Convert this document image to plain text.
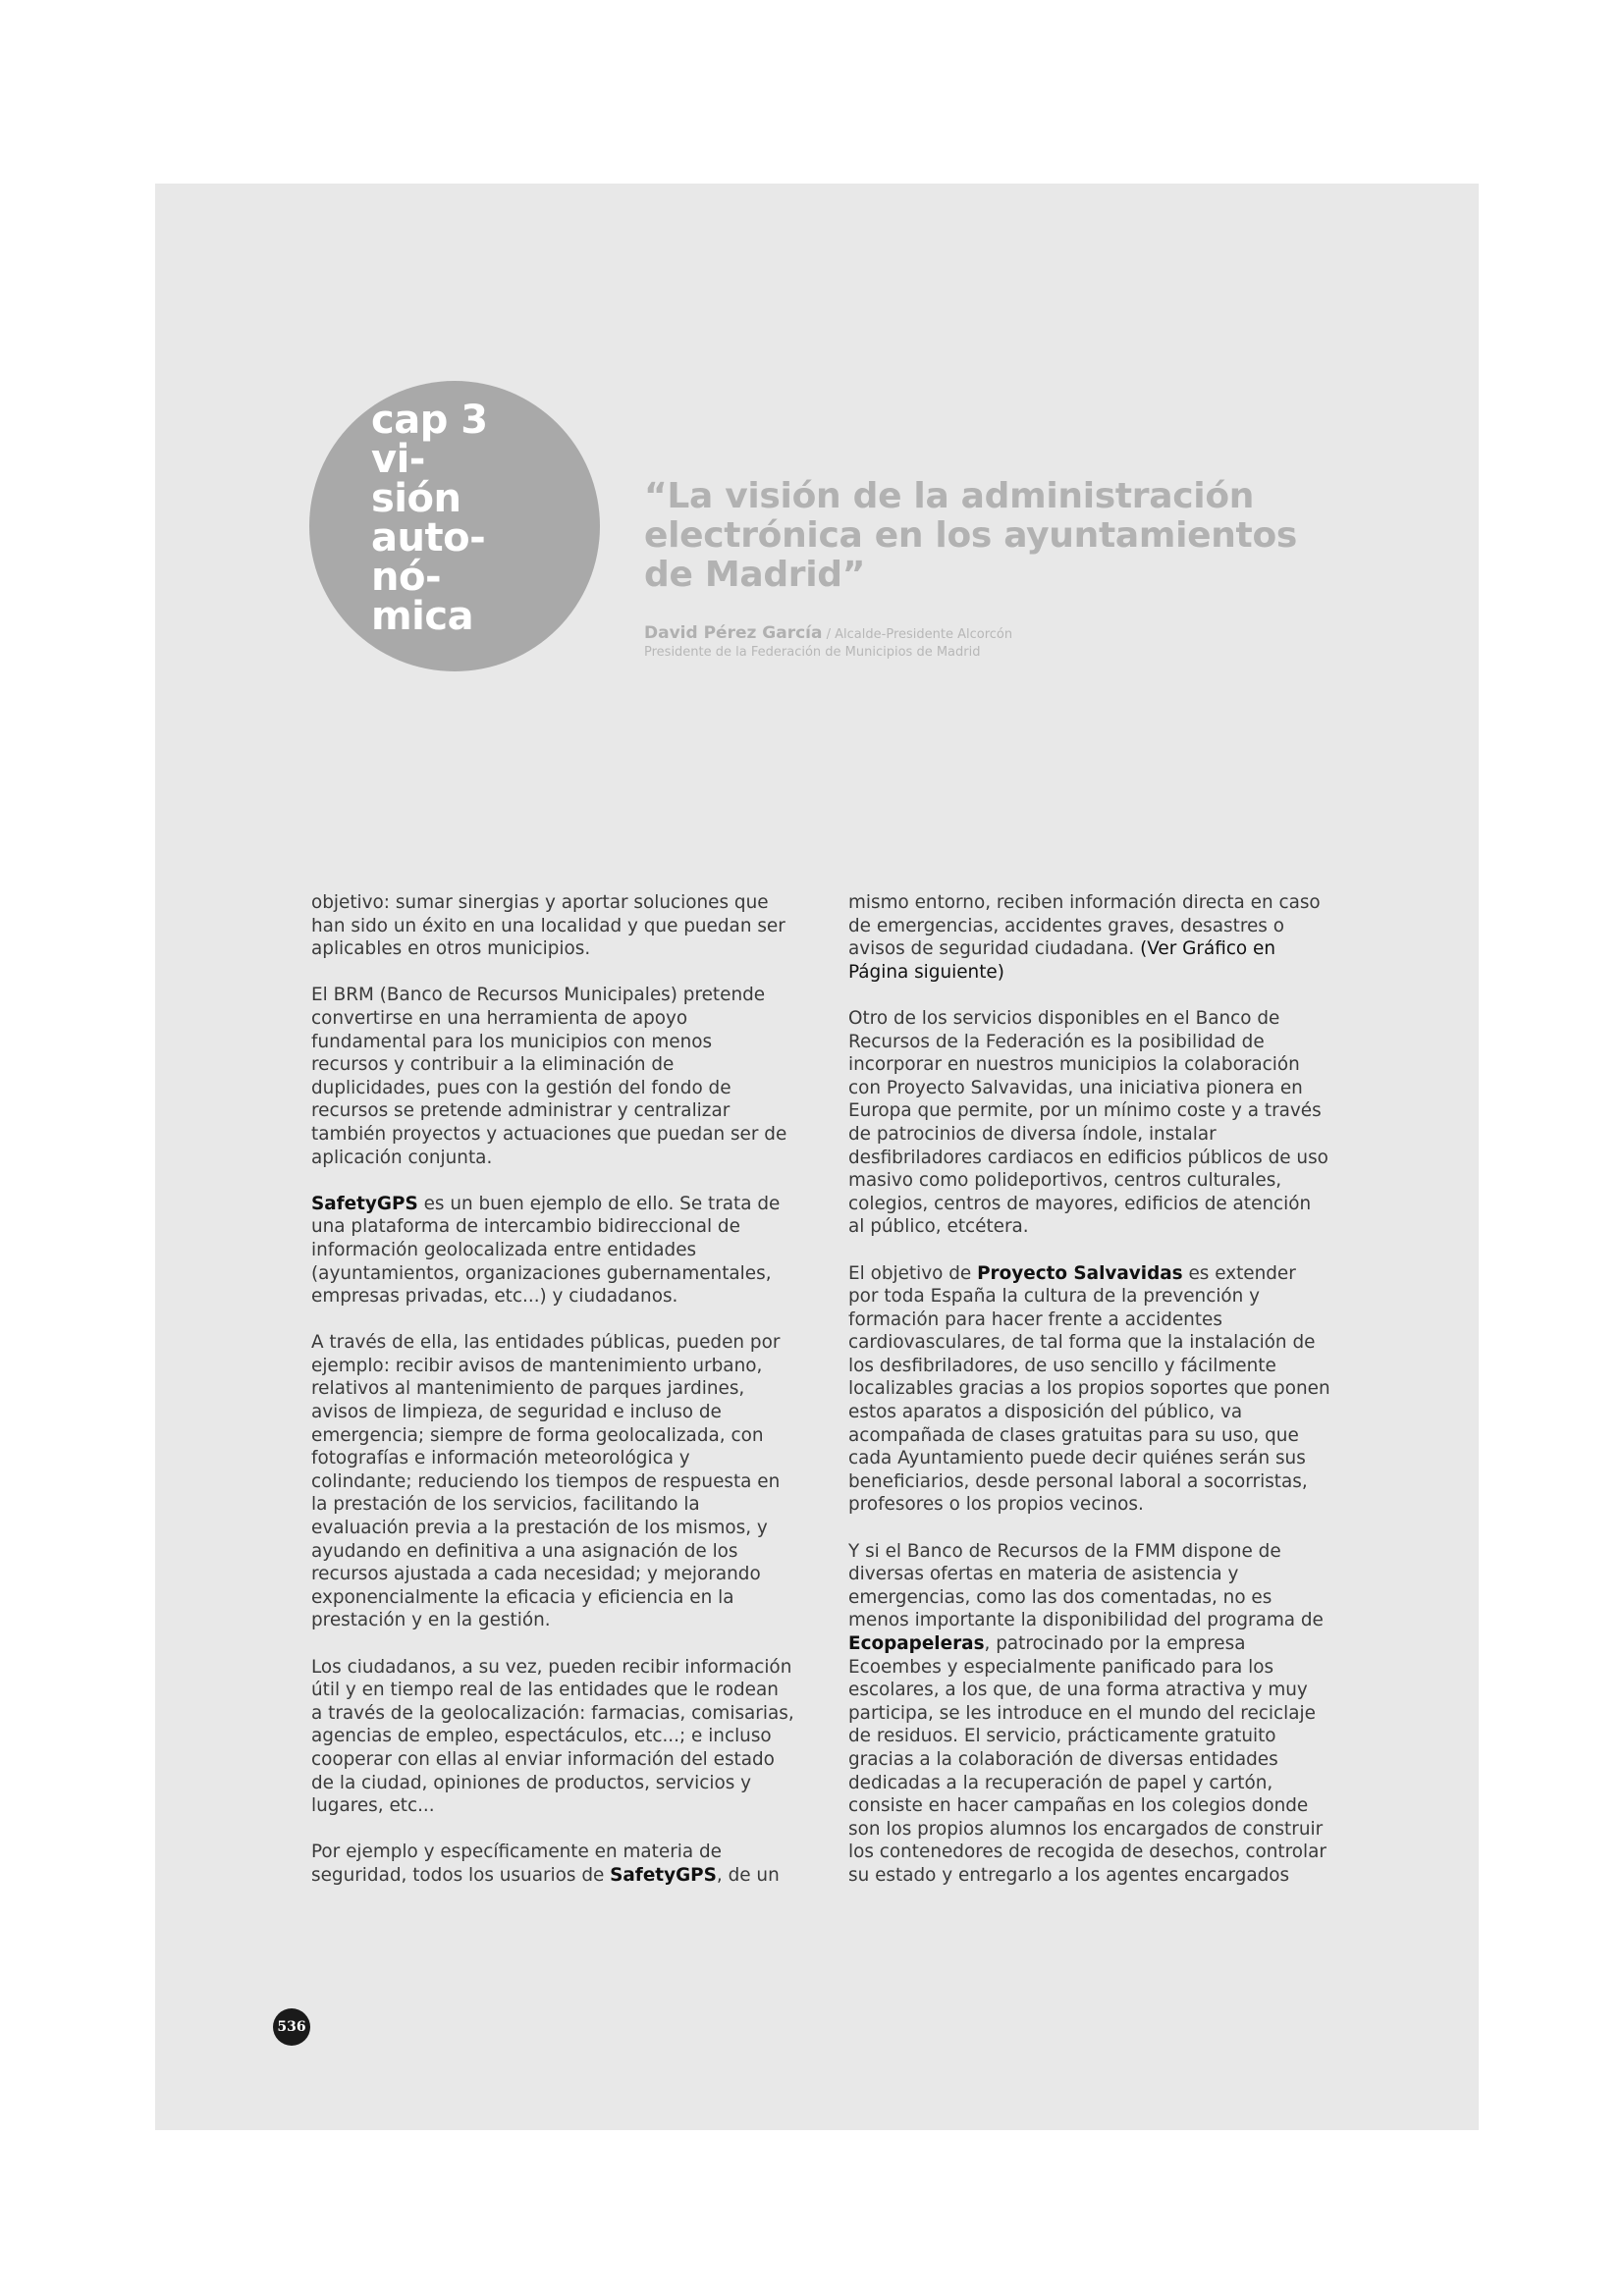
cap 3
vi-
sión
auto-
nó-
mica

“La visión de la administración electrónica en los ayuntamientos de Madrid”
David Pérez García / Alcalde-Presidente Alcorcón
Presidente de la Federación de Municipios de Madrid

objetivo: sumar sinergias y aportar soluciones que han sido un éxito en una localidad y que puedan ser aplicables en otros municipios.

El BRM (Banco de Recursos Municipales) pretende convertirse en una herramienta de apoyo fundamental para los municipios con menos recursos y contribuir a la eliminación de duplicidades, pues con la gestión del fondo de recursos se pretende administrar y centralizar también proyectos y actuaciones que puedan ser de aplicación conjunta.

SafetyGPS es un buen ejemplo de ello. Se trata de una plataforma de intercambio bidireccional de información geolocalizada entre entidades (ayuntamientos, organizaciones gubernamentales, empresas privadas, etc...) y ciudadanos.

A través de ella, las entidades públicas, pueden por ejemplo: recibir avisos de mantenimiento urbano, relativos al mantenimiento de parques jardines, avisos de limpieza, de seguridad e incluso de emergencia; siempre de forma geolocalizada, con fotografías e información meteorológica y colindante; reduciendo los tiempos de respuesta en la prestación de los servicios, facilitando la evaluación previa a la prestación de los mismos, y ayudando en definitiva a una asignación de los recursos ajustada a cada necesidad; y mejorando exponencialmente la eficacia y eficiencia en la prestación y en la gestión.

Los ciudadanos, a su vez, pueden recibir información útil y en tiempo real de las entidades que le rodean a través de la geolocalización: farmacias, comisarias, agencias de empleo, espectáculos, etc...; e incluso cooperar con ellas al enviar información del estado de la ciudad, opiniones de productos, servicios y lugares, etc...

Por ejemplo y específicamente en materia de seguridad, todos los usuarios de SafetyGPS, de un

mismo entorno, reciben información directa en caso de emergencias, accidentes graves, desastres o avisos de seguridad ciudadana. (Ver Gráfico en Página siguiente)

Otro de los servicios disponibles en el Banco de Recursos de la Federación es la posibilidad de incorporar en nuestros municipios la colaboración con Proyecto Salvavidas, una iniciativa pionera en Europa que permite, por un mínimo coste y a través de patrocinios de diversa índole, instalar desfibriladores cardiacos en edificios públicos de uso masivo como polideportivos, centros culturales, colegios, centros de mayores, edificios de atención al público, etcétera.

El objetivo de Proyecto Salvavidas es extender por toda España la cultura de la prevención y formación para hacer frente a accidentes cardiovasculares, de tal forma que la instalación de los desfibriladores, de uso sencillo y fácilmente localizables gracias a los propios soportes que ponen estos aparatos a disposición del público, va acompañada de clases gratuitas para su uso, que cada Ayuntamiento puede decir quiénes serán sus beneficiarios, desde personal laboral a socorristas, profesores o los propios vecinos.

Y si el Banco de Recursos de la FMM dispone de diversas ofertas en materia de asistencia y emergencias, como las dos comentadas, no es menos importante la disponibilidad del programa de Ecopapeleras, patrocinado por la empresa Ecoembes y especialmente panificado para los escolares, a los que, de una forma atractiva y muy participa, se les introduce en el mundo del reciclaje de residuos. El servicio, prácticamente gratuito gracias a la colaboración de diversas entidades dedicadas a la recuperación de papel y cartón, consiste en hacer campañas en los colegios donde son los propios alumnos los encargados de construir los contenedores de recogida de desechos, controlar su estado y entregarlo a los agentes encargados

536
